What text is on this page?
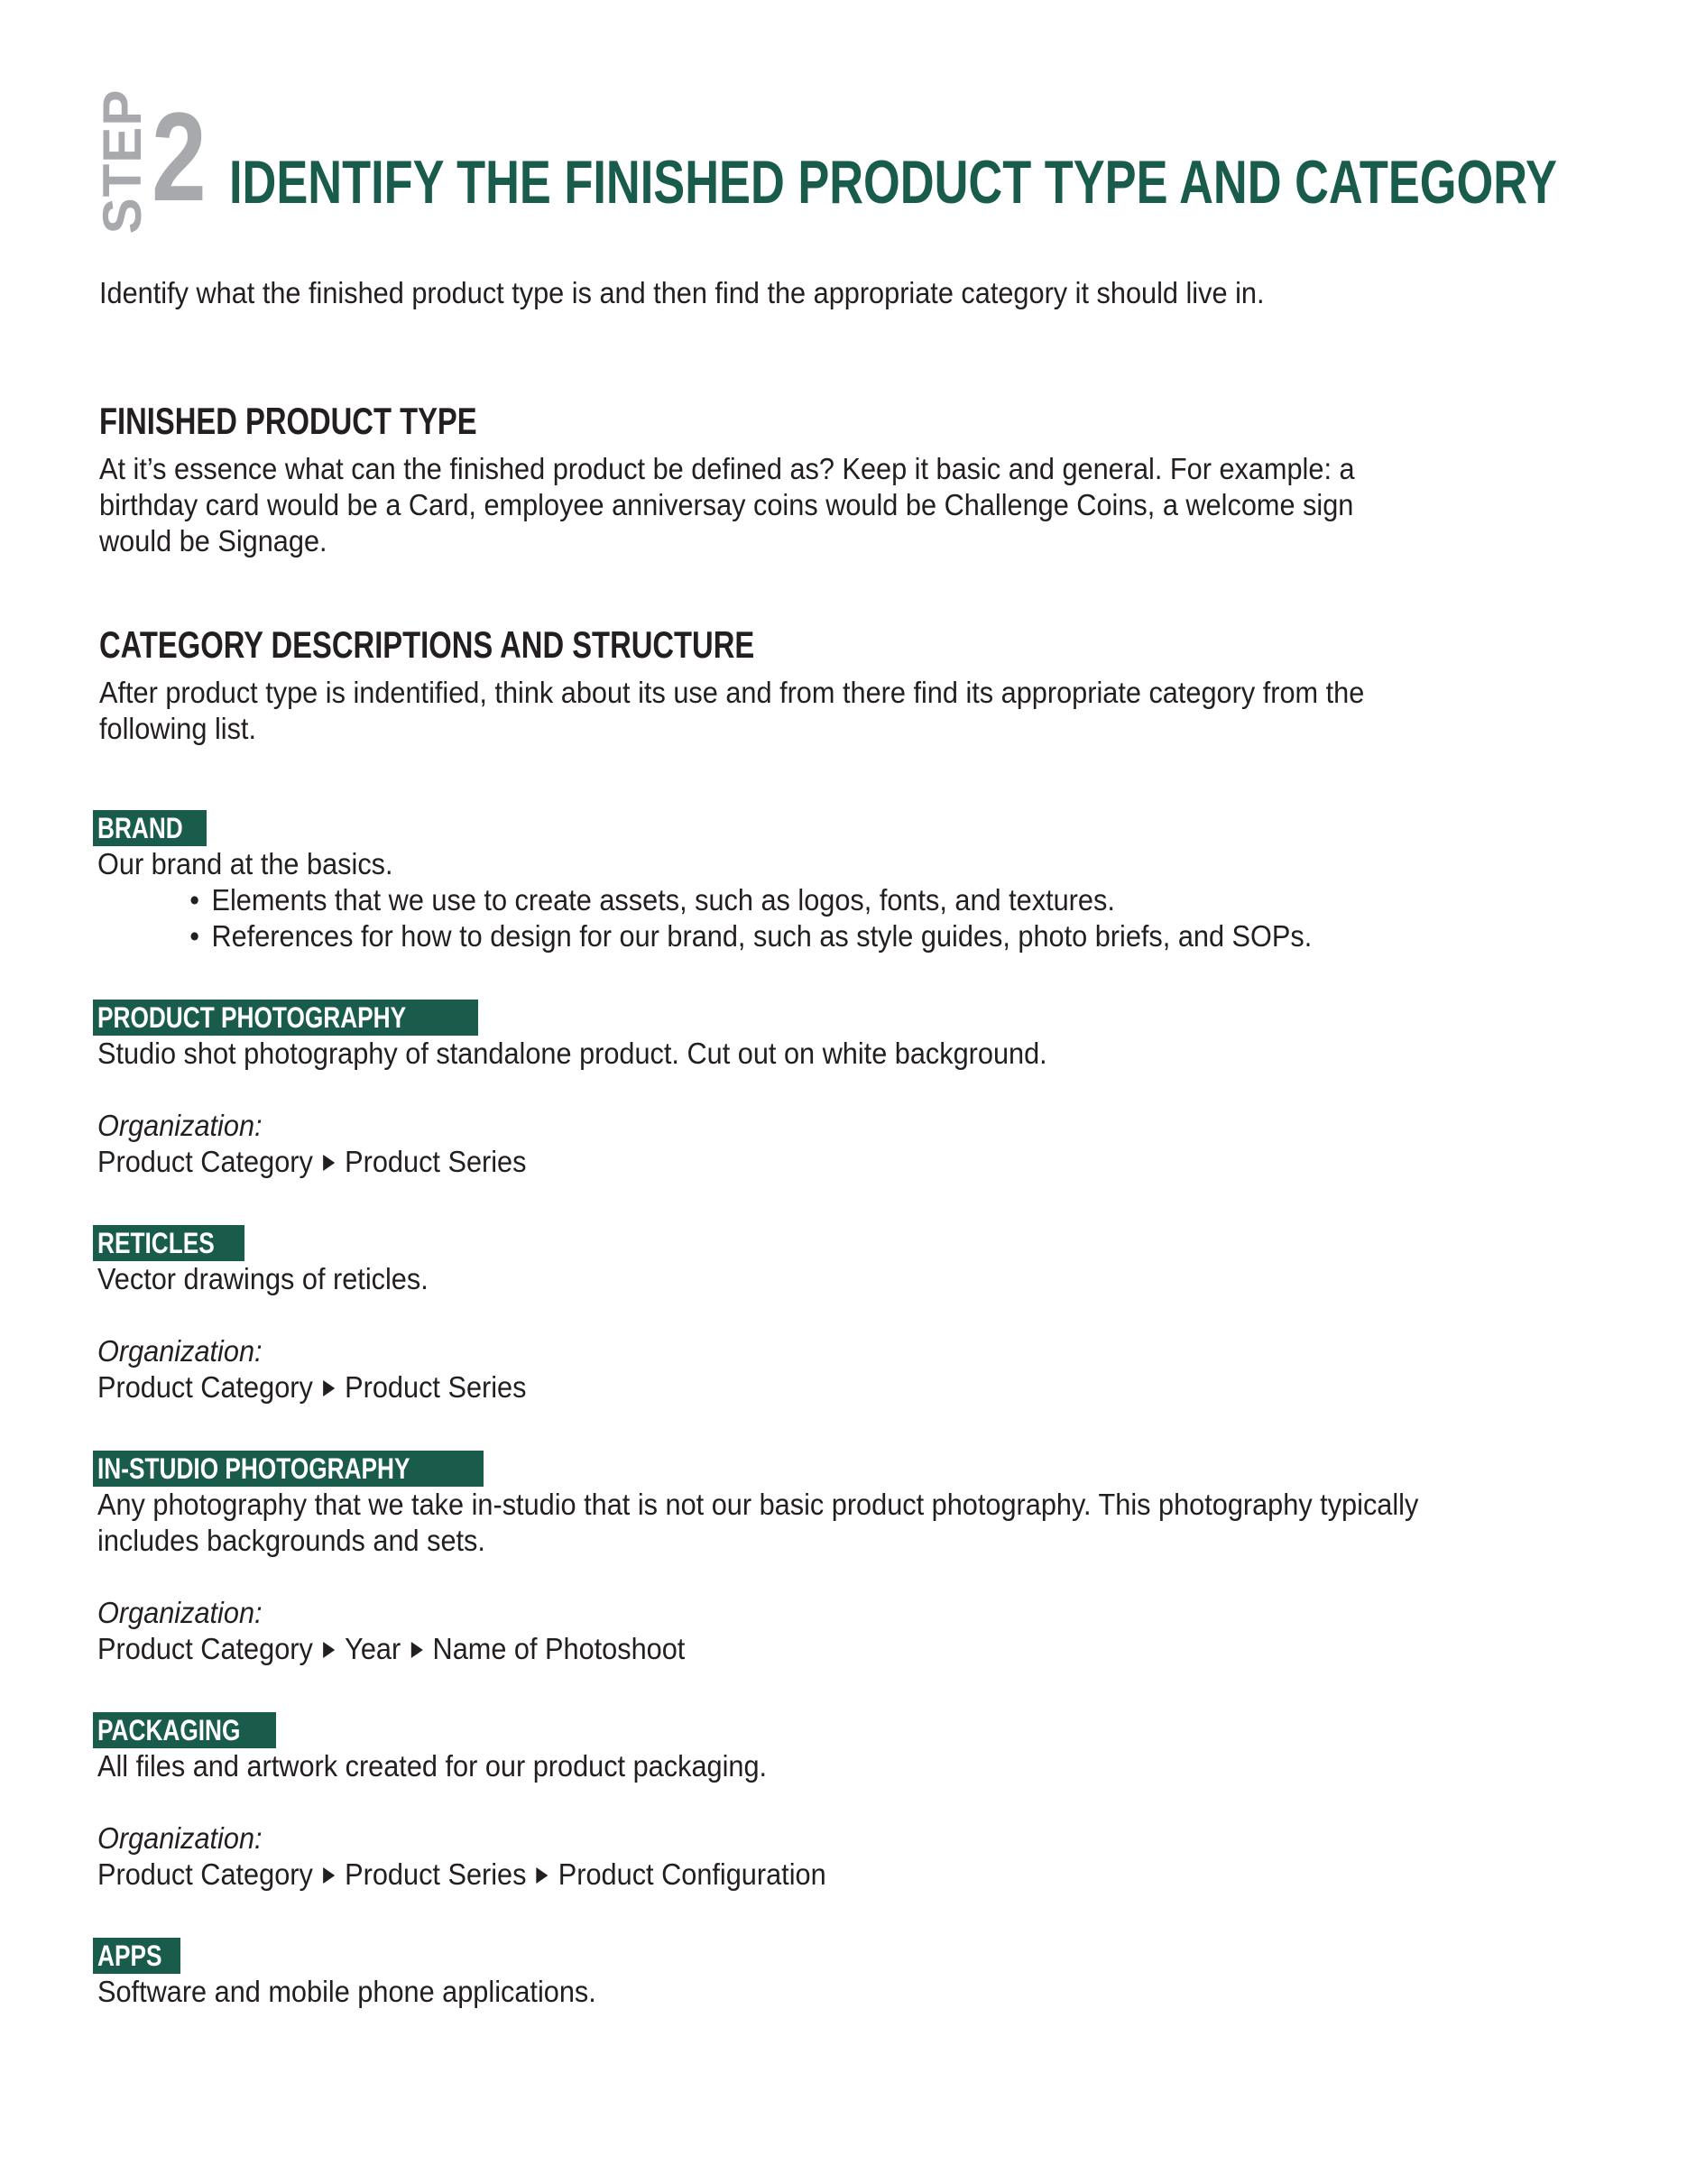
STEP 2 IDENTIFY THE FINISHED PRODUCT TYPE AND CATEGORY
Identify what the finished product type is and then find the appropriate category it should live in.
FINISHED PRODUCT TYPE

At it’s essence what can the finished product be defined as? Keep it basic and general. For example: a birthday card would be a Card, employee anniversay coins would be Challenge Coins, a welcome sign would be Signage.

CATEGORY DESCRIPTIONS AND STRUCTURE

After product type is indentified, think about its use and from there find its appropriate category from the following list.

BRAND

Our brand at the basics.

• Elements that we use to create assets, such as logos, fonts, and textures.
• References for how to design for our brand, such as style guides, photo briefs, and SOPs.
PRODUCT PHOTOGRAPHY

Studio shot photography of standalone product. Cut out on white background.

Organization:
Product Category Product Series
RETICLES

Vector drawings of reticles.

Organization:
Product Category Product Series
IN-STUDIO PHOTOGRAPHY

Any photography that we take in-studio that is not our basic product photography. This photography typically includes backgrounds and sets.

Organization:
Product Category Year Name of Photoshoot
PACKAGING

All files and artwork created for our product packaging.

Organization:
Product Category Product Series Product Configuration
APPS

Software and mobile phone applications.
